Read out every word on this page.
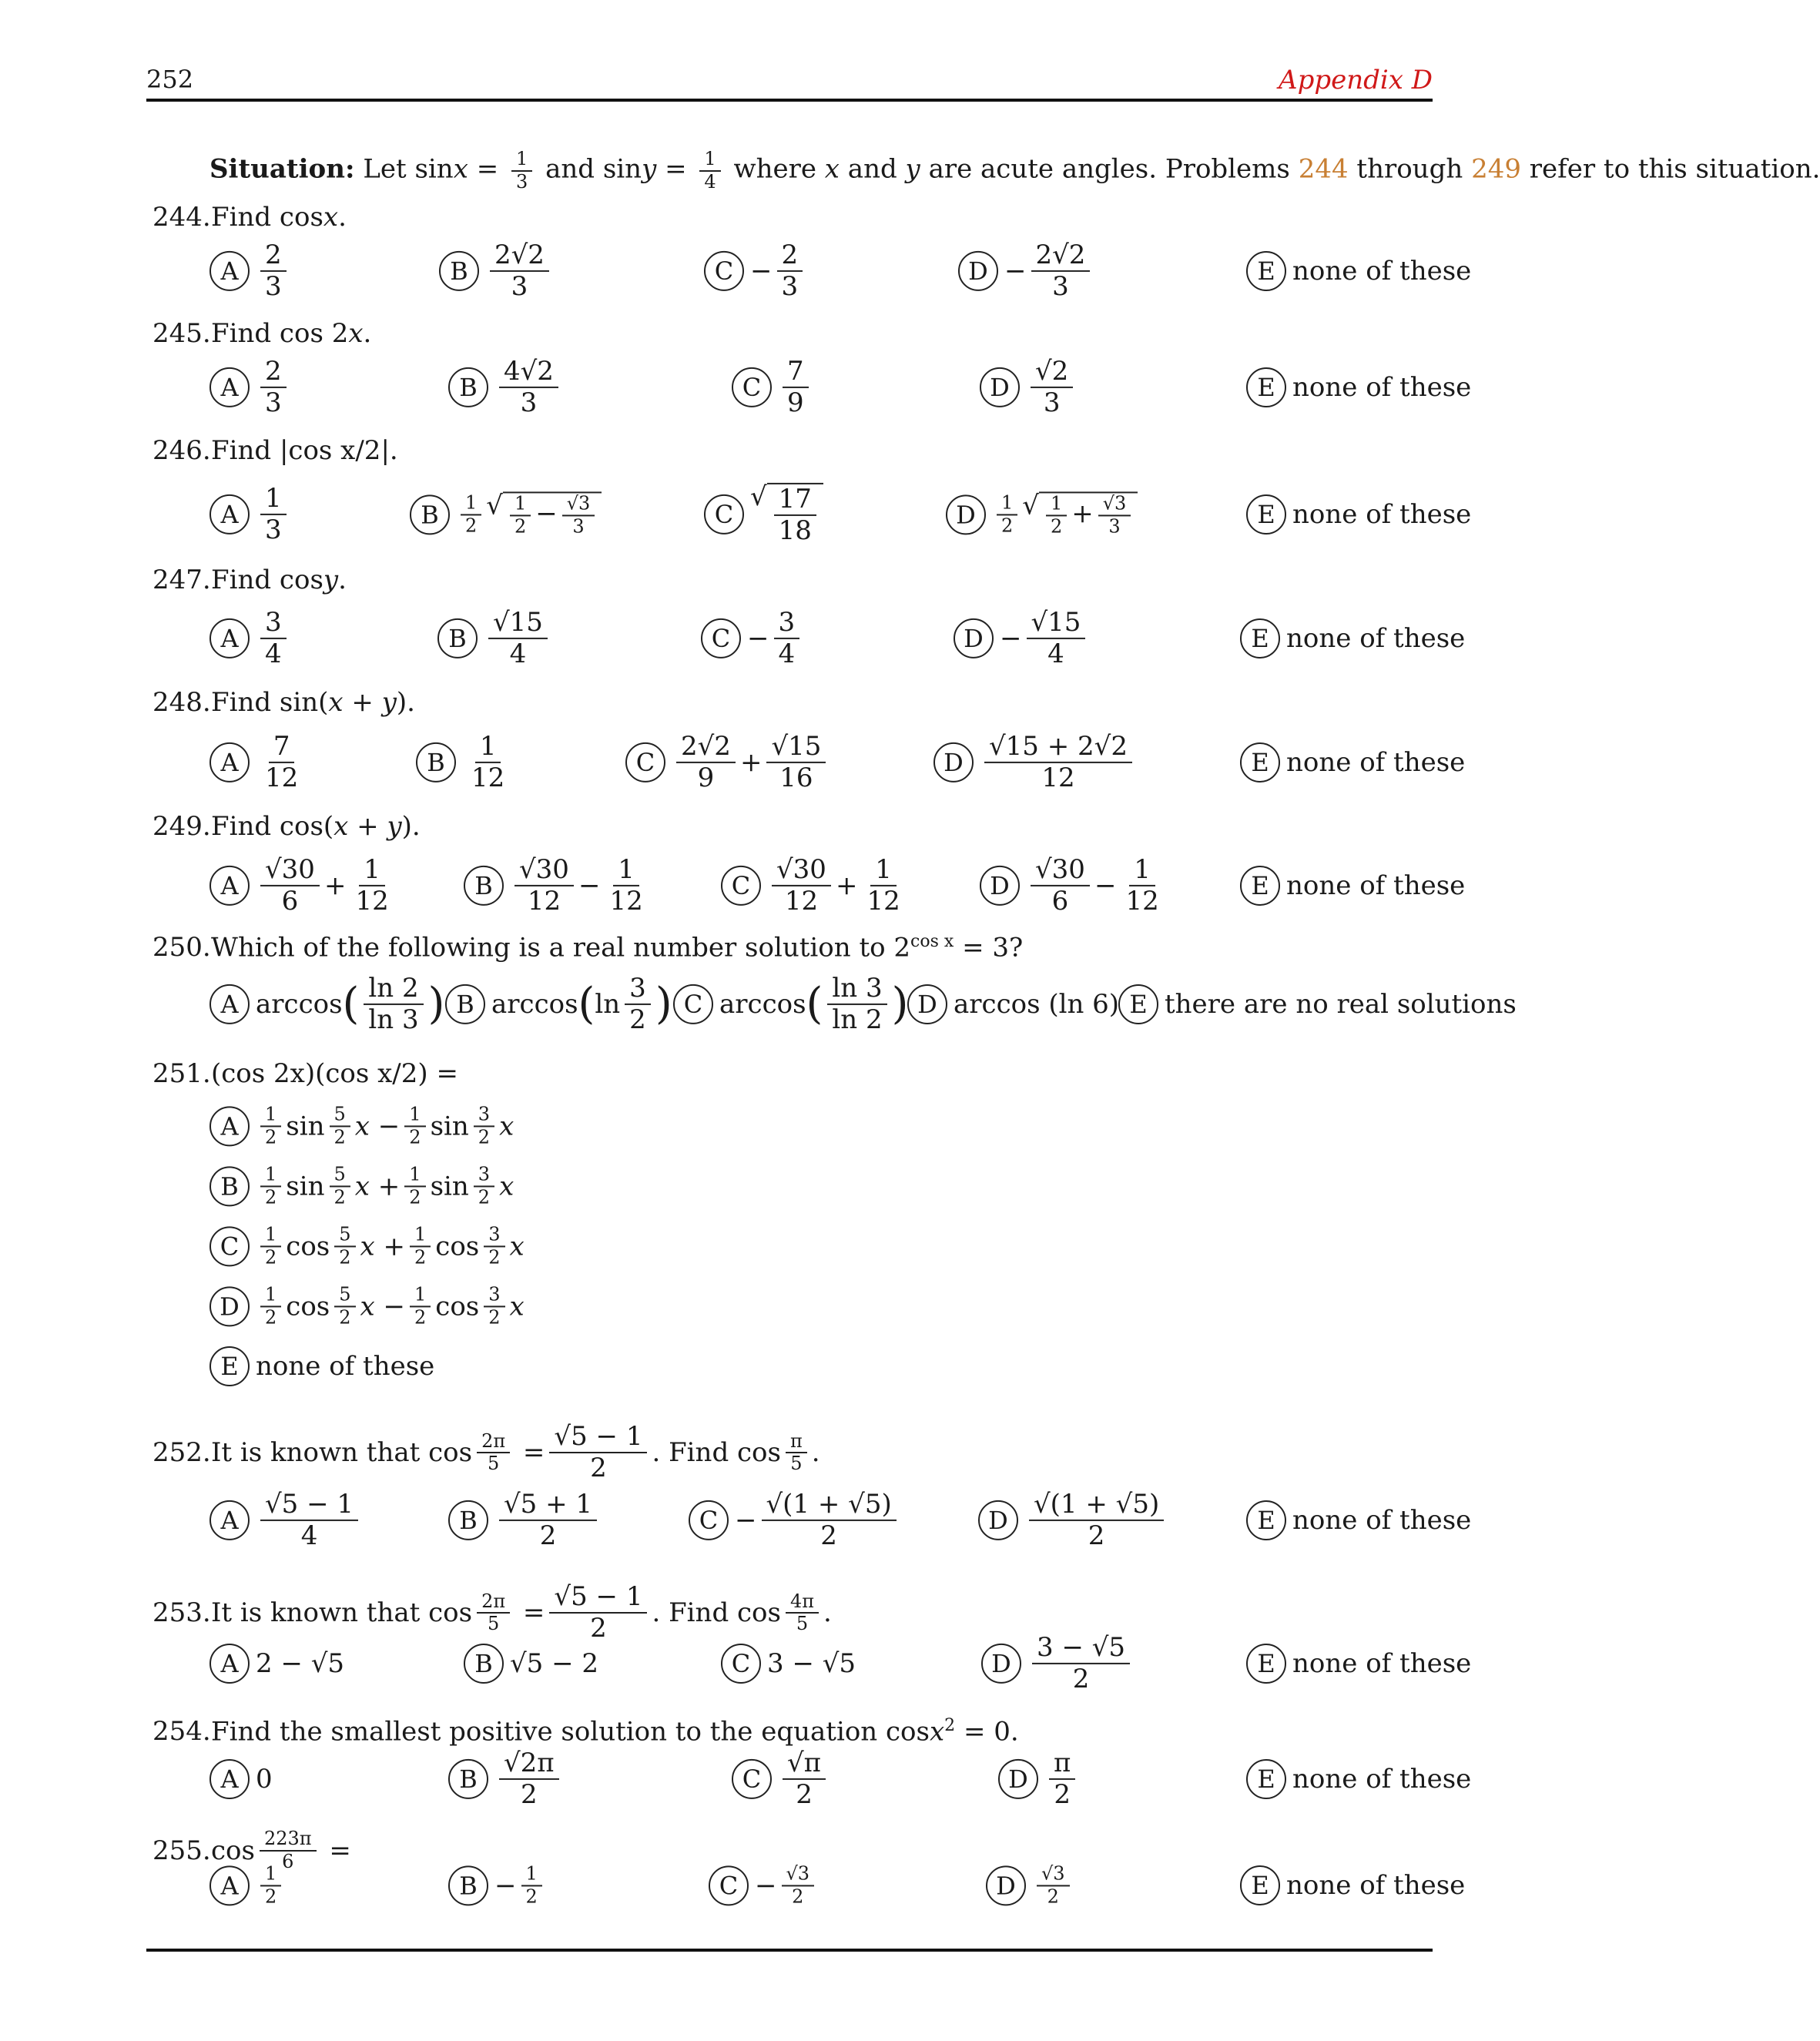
252	Appendix D
Situation: Let $\sin x = \frac{1}{3}$ and $\sin y = \frac{1}{4}$ where x and y are acute angles. Problems 244 through 249 refer to this situation.
244.Find cosx.
A $\frac{2}{3}$	B $\frac{2√2}{3}$	$C - \frac{2}{3}$	$D - \frac{2√2}{3}$	E none of these
245.Find cos 2x.
A $\frac{2}{3}$	B $\frac{4√2}{3}$	C $\frac{7}{9}$	D $\frac{√2}{3}$	E none of these
246.Find |cos x/2|.
A $\frac{1}{3}$	B	$\frac{1}{2}$ √ $\frac{1}{2} - \frac{√3}{3}$	C
√ $\frac{17}{18}$	D	$\frac{1}{2}$ √ $\frac{1}{2} + \frac{√3}{3}$	E none of these
247.Find cosy.
A $\frac{3}{4}$	B $\frac{√15}{4}$	$C - \frac{3}{4}$	$D - \frac{√15}{4}$	E none of these
248.Find sin(x + y).
A $\frac{7}{12}$	B $\frac{1}{12}$	C $\frac{2√2}{9} + \frac{√15}{16}$	D $\frac{√15 + 2√2}{12}$	E none of these
249.Find cos(x + y).
A $\frac{√30}{6} + \frac{1}{12}$	B $\frac{√30}{12} - \frac{1}{12}$	C $\frac{√30}{12} + \frac{1}{12}$	D $\frac{√30}{6} - \frac{1}{12}$	E none of these
250.Which of the following is a real number solution to $2^{cos x} = 3$?
A arccos ( $\frac{\ln 2}{\ln 3}$ ) B arccos ( $\ln \frac{3}{2}$ ) C arccos ( $\frac{\ln 3}{\ln 2}$ ) D arccos (ln 6) E there are no real solutions
251.(cos 2x)(cos x/2) =
A	$\frac{1}{2}$ $\sin \frac{5}{2}$ $x - \frac{1}{2}$ $\sin \frac{3}{2}$ x
B	$\frac{1}{2}$ $\sin \frac{5}{2}$ $x + \frac{1}{2}$ $\sin \frac{3}{2}$ x
C	$\frac{1}{2}$ $\cos \frac{5}{2}$ $x + \frac{1}{2}$ $\cos \frac{3}{2}$ x
D	$\frac{1}{2}$ $\cos \frac{5}{2}$ $x - \frac{1}{2}$ $\cos \frac{3}{2}$ x
E none of these
252. It is known that $\cos \frac{2\pi}{5} = \frac{√5 - 1}{2}$ . Find $\cos \frac{\pi}{5}$ .
A $\frac{√5 - 1}{4}$	B $\frac{√5 + 1}{2}$	$C - \frac{√(1 + √5)}{2}$	D $\frac{√(1 + √5)}{2}$	E none of these
253. It is known that $\cos \frac{2\pi}{5} = \frac{√5 - 1}{2}$ . Find $\cos \frac{4\pi}{5}$ .
A 2 − √5	B √5 − 2	C 3 − √5	D $\frac{3 - √5}{2}$	E none of these
254.Find the smallest positive solution to the equation cosx$^2$ = 0.
A 0	B $\frac{√2\pi}{2}$	C $\frac{√\pi}{2}$	D $\frac{\pi}{2}$	E none of these
255. $\cos \frac{223\pi}{6}$
=
A	$\frac{1}{2}$	$B - \frac{1}{2}$	$C - \frac{√3}{2}$	D	$\frac{√3}{2}$	E none of these
